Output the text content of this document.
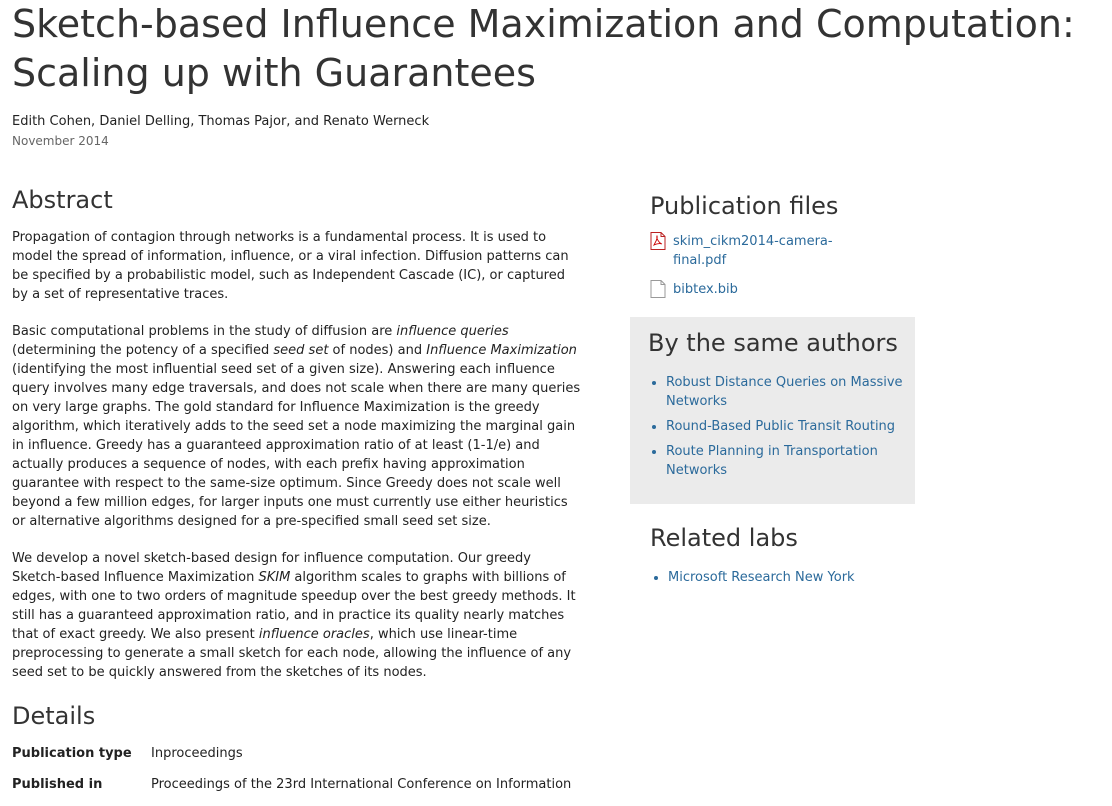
Sketch-based Influence Maximization and Computation: Scaling up with Guarantees
Edith Cohen, Daniel Delling, Thomas Pajor, and Renato Werneck
November 2014
Abstract

Propagation of contagion through networks is a fundamental process. It is used to model the spread of information, influence, or a viral infection. Diffusion patterns can be specified by a probabilistic model, such as Independent Cascade (IC), or captured by a set of representative traces.

Basic computational problems in the study of diffusion are influence queries (determining the potency of a specified seed set of nodes) and Influence Maximization (identifying the most influential seed set of a given size). Answering each influence query involves many edge traversals, and does not scale when there are many queries on very large graphs. The gold standard for Influence Maximization is the greedy algorithm, which iteratively adds to the seed set a node maximizing the marginal gain in influence. Greedy has a guaranteed approximation ratio of at least (1-1/e) and actually produces a sequence of nodes, with each prefix having approximation guarantee with respect to the same-size optimum. Since Greedy does not scale well beyond a few million edges, for larger inputs one must currently use either heuristics or alternative algorithms designed for a pre-specified small seed set size.

We develop a novel sketch-based design for influence computation. Our greedy Sketch-based Influence Maximization SKIM algorithm scales to graphs with billions of edges, with one to two orders of magnitude speedup over the best greedy methods. It still has a guaranteed approximation ratio, and in practice its quality nearly matches that of exact greedy. We also present influence oracles, which use linear-time preprocessing to generate a small sketch for each node, allowing the influence of any seed set to be quickly answered from the sketches of its nodes.

Details
Publication type	Inproceedings
Published in	Proceedings of the 23rd International Conference on Information
Publication files
skim_cikm2014-camera-final.pdf
bibtex.bib
By the same authors
• Robust Distance Queries on Massive Networks
• Round-Based Public Transit Routing
• Route Planning in Transportation Networks
Related labs
• Microsoft Research New York
